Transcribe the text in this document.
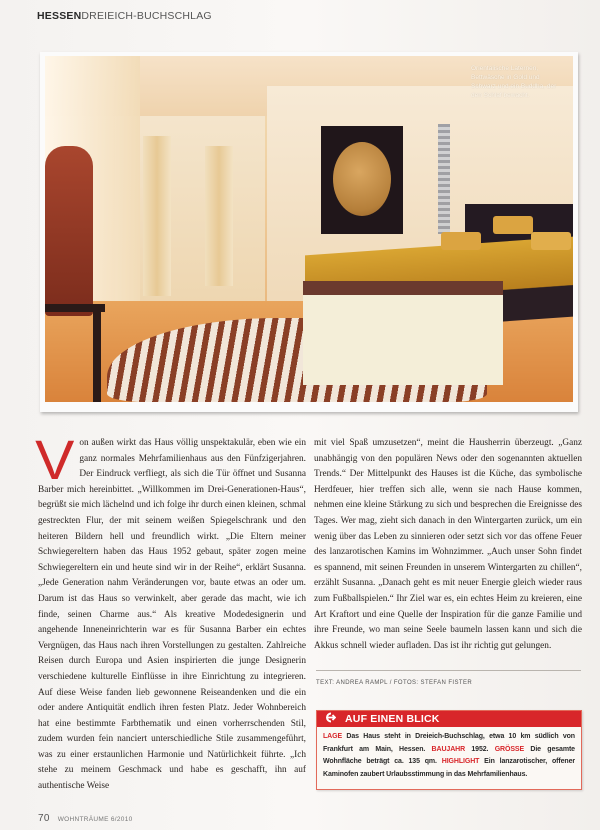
HESSENDREIEICH-BUCHSCHLAG
Orientalische Laternen, Bettwäsche in Gold und Schwarz und ein Buddha, der den Schlaf bewacht.
Von außen wirkt das Haus völlig unspektakulär, eben wie ein ganz normales Mehrfamilienhaus aus den Fünfzigerjahren. Der Eindruck verfliegt, als sich die Tür öffnet und Susanna Barber mich hereinbittet. „Willkommen im Drei-Generationen-Haus“, begrüßt sie mich lächelnd und ich folge ihr durch einen kleinen, schmal gestreckten Flur, der mit seinem weißen Spiegelschrank und den heiteren Bildern hell und freundlich wirkt. „Die Eltern meiner Schwiegereltern haben das Haus 1952 gebaut, später zogen meine Schwiegereltern ein und heute sind wir in der Reihe“, erklärt Susanna. „Jede Generation nahm Veränderungen vor, baute etwas an oder um. Darum ist das Haus so verwinkelt, aber gerade das macht, wie ich finde, seinen Charme aus.“ Als kreative Modedesignerin und angehende Inneneinrichterin war es für Susanna Barber ein echtes Vergnügen, das Haus nach ihren Vorstellungen zu gestalten. Zahlreiche Reisen durch Europa und Asien inspirierten die junge Designerin verschiedene kulturelle Einflüsse in ihre Einrichtung zu integrieren. Auf diese Weise fanden lieb gewonnene Reiseandenken und die ein oder andere Antiquität endlich ihren festen Platz. Jeder Wohnbereich hat eine bestimmte Farbthematik und einen vorherrschenden Stil, zudem wurden fein nanciert unterschiedliche Stile zusammengeführt, was zu einer erstaunlichen Harmonie und Natürlichkeit führte. „Ich stehe zu meinem Geschmack und habe es geschafft, ihn auf authentische Weise
mit viel Spaß umzusetzen“, meint die Hausherrin überzeugt. „Ganz unabhängig von den populären News oder den sogenannten aktuellen Trends.“ Der Mittelpunkt des Hauses ist die Küche, das symbolische Herdfeuer, hier treffen sich alle, wenn sie nach Hause kommen, nehmen eine kleine Stärkung zu sich und besprechen die Ereignisse des Tages. Wer mag, zieht sich danach in den Wintergarten zurück, um ein wenig über das Leben zu sinnieren oder setzt sich vor das offene Feuer des lanzarotischen Kamins im Wohnzimmer. „Auch unser Sohn findet es spannend, mit seinen Freunden in unserem Wintergarten zu chillen“, erzählt Susanna. „Danach geht es mit neuer Energie gleich wieder raus zum Fußballspielen.“ Ihr Ziel war es, ein echtes Heim zu kreieren, eine Art Kraftort und eine Quelle der Inspiration für die ganze Familie und ihre Freunde, wo man seine Seele baumeln lassen kann und sich die Akkus schnell wieder aufladen. Das ist ihr richtig gut gelungen.
TEXT: ANDREA RAMPL / FOTOS: STEFAN FISTER
AUF EINEN BLICK
LAGE Das Haus steht in Dreieich-Buchschlag, etwa 10 km südlich von Frankfurt am Main, Hessen. BAUJAHR 1952. GRÖSSE Die gesamte Wohnfläche beträgt ca. 135 qm. HIGHLIGHT Ein lanzarotischer, offener Kaminofen zaubert Urlaubsstimmung in das Mehrfamilienhaus.
70 WOHNTRÄUME 6/2010
